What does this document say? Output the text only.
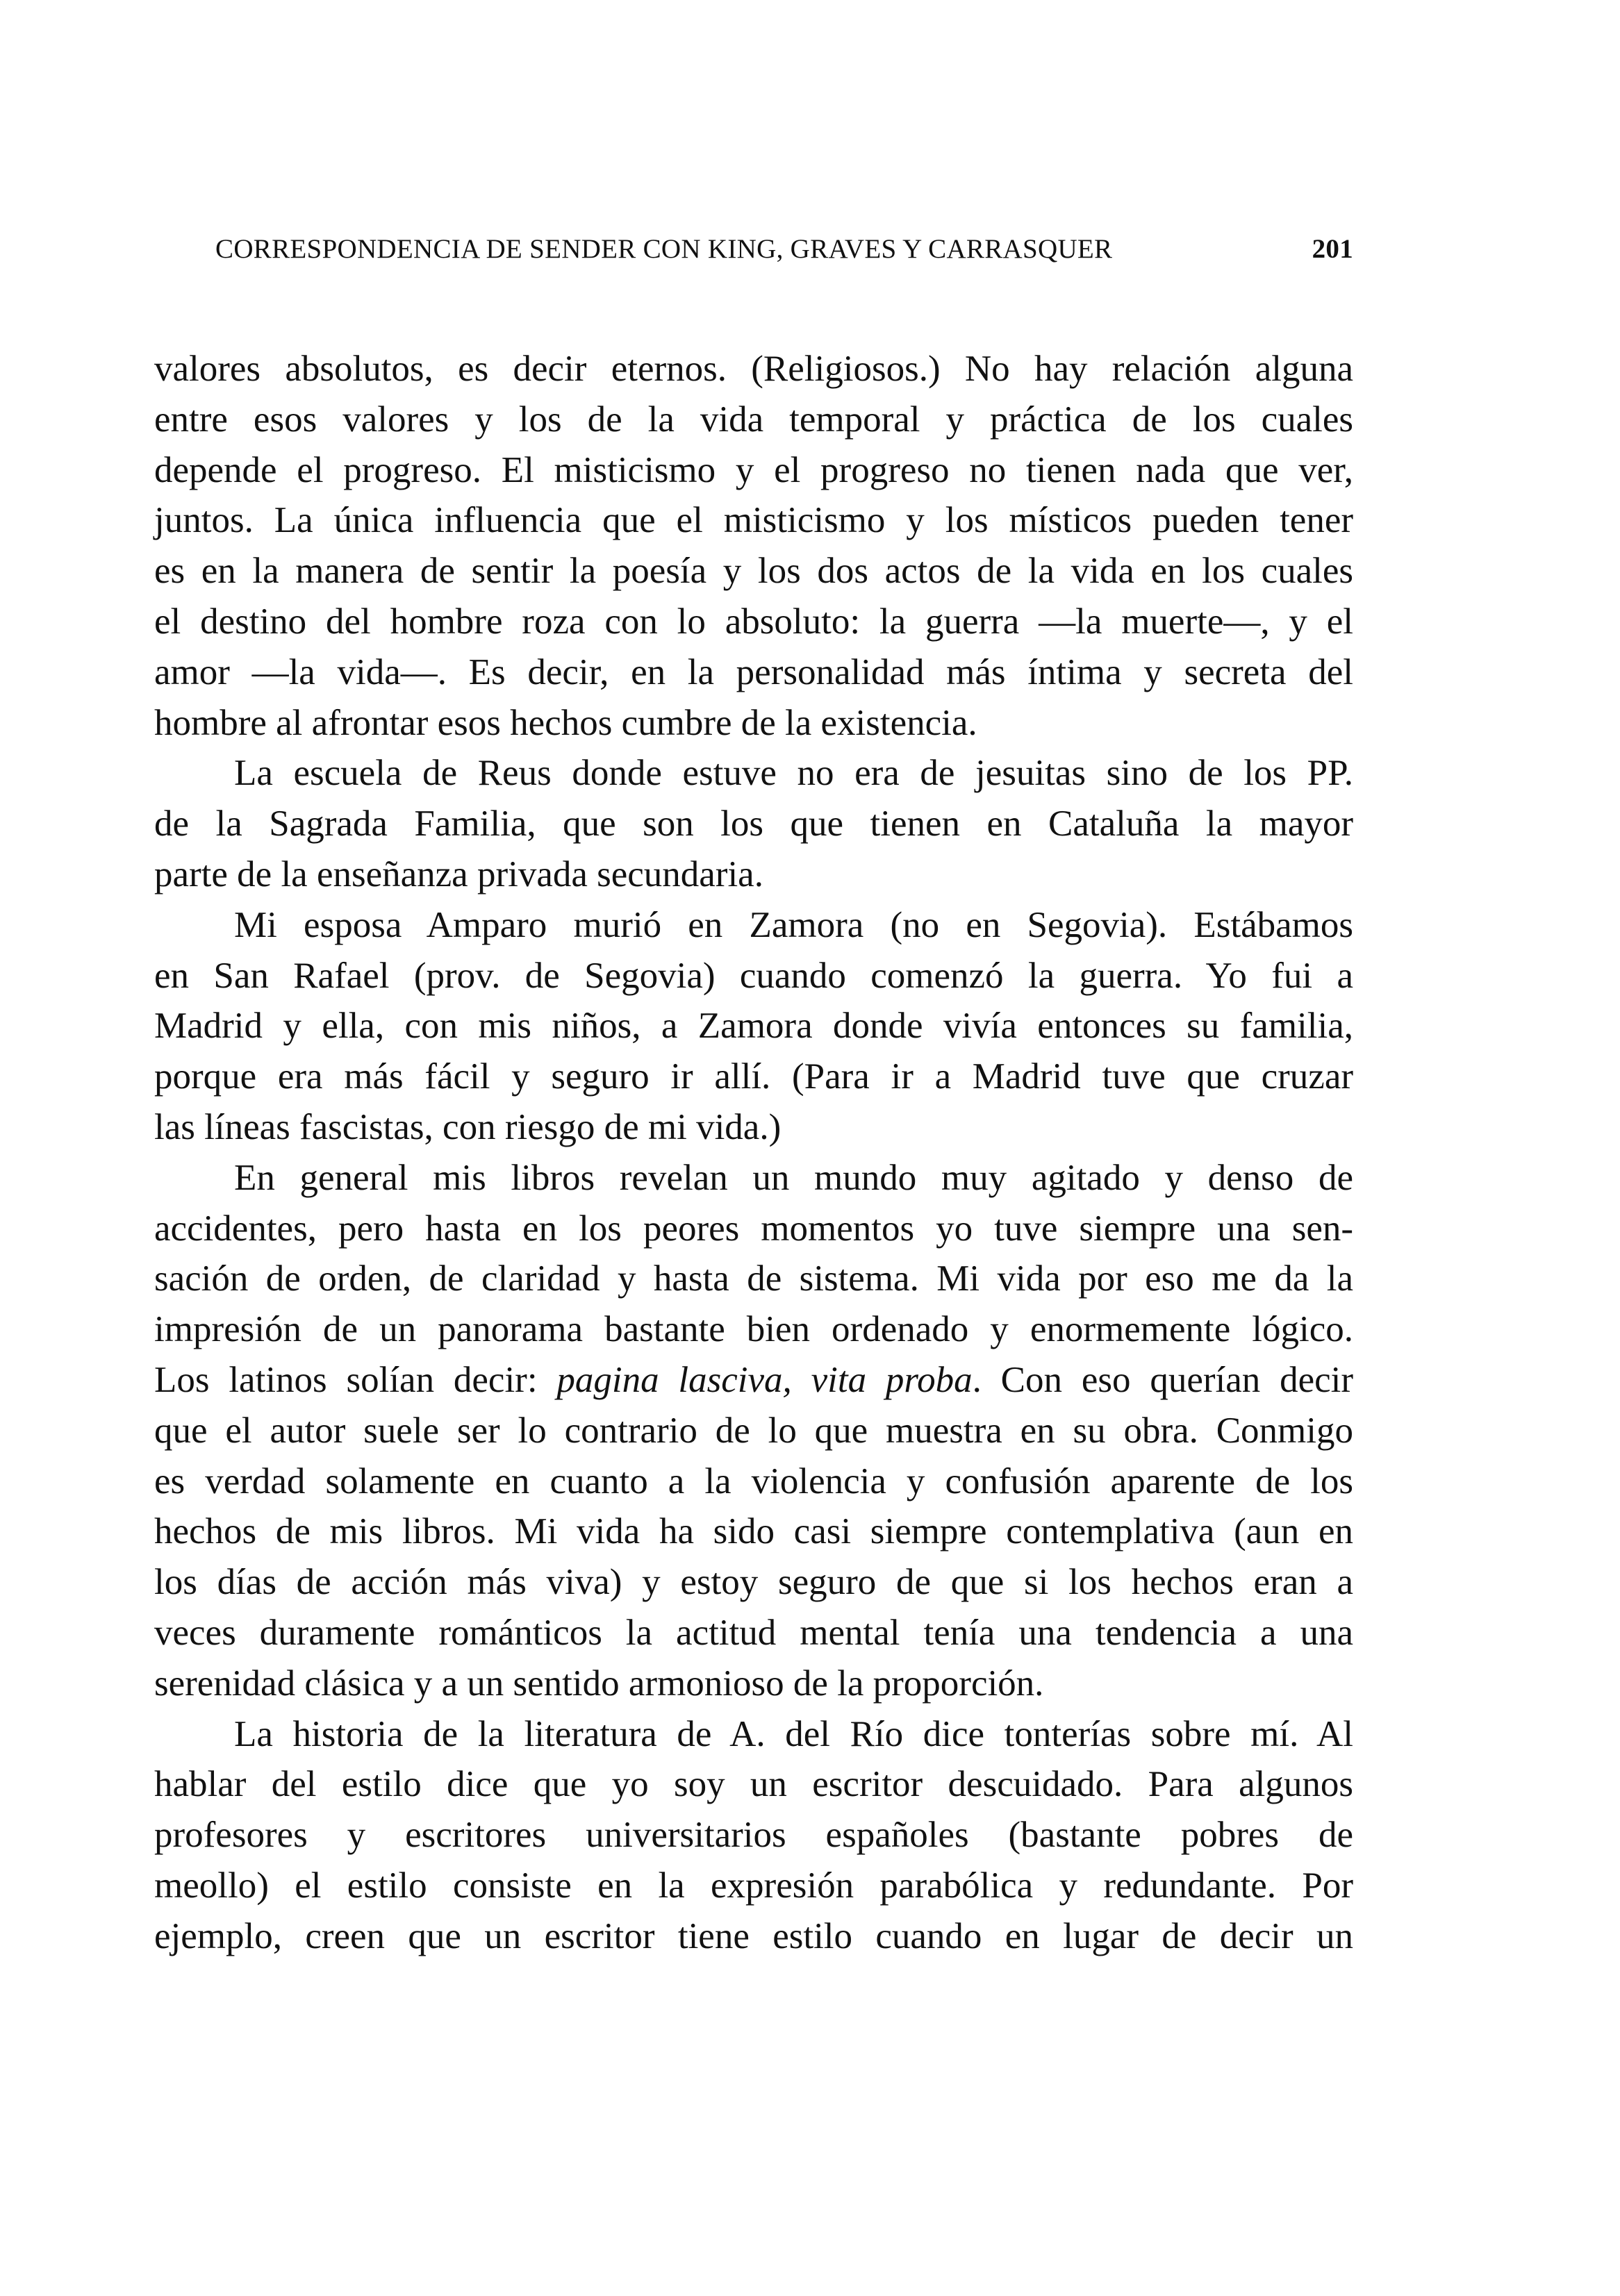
CORRESPONDENCIA DE SENDER CON KING, GRAVES Y CARRASQUER	201
valores absolutos, es decir eternos. (Religiosos.) No hay relación alguna
entre esos valores y los de la vida temporal y práctica de los cuales
depende el progreso. El misticismo y el progreso no tienen nada que ver,
juntos. La única influencia que el misticismo y los místicos pueden tener
es en la manera de sentir la poesía y los dos actos de la vida en los cuales
el destino del hombre roza con lo absoluto: la guerra —la muerte—, y el
amor —la vida—. Es decir, en la personalidad más íntima y secreta del
hombre al afrontar esos hechos cumbre de la existencia.
La escuela de Reus donde estuve no era de jesuitas sino de los PP.
de la Sagrada Familia, que son los que tienen en Cataluña la mayor
parte de la enseñanza privada secundaria.
Mi esposa Amparo murió en Zamora (no en Segovia). Estábamos
en San Rafael (prov. de Segovia) cuando comenzó la guerra. Yo fui a
Madrid y ella, con mis niños, a Zamora donde vivía entonces su familia,
porque era más fácil y seguro ir allí. (Para ir a Madrid tuve que cruzar
las líneas fascistas, con riesgo de mi vida.)
En general mis libros revelan un mundo muy agitado y denso de
accidentes, pero hasta en los peores momentos yo tuve siempre una sen-
sación de orden, de claridad y hasta de sistema. Mi vida por eso me da la
impresión de un panorama bastante bien ordenado y enormemente lógico.
Los latinos solían decir: pagina lasciva, vita proba. Con eso querían decir
que el autor suele ser lo contrario de lo que muestra en su obra. Conmigo
es verdad solamente en cuanto a la violencia y confusión aparente de los
hechos de mis libros. Mi vida ha sido casi siempre contemplativa (aun en
los días de acción más viva) y estoy seguro de que si los hechos eran a
veces duramente románticos la actitud mental tenía una tendencia a una
serenidad clásica y a un sentido armonioso de la proporción.
La historia de la literatura de A. del Río dice tonterías sobre mí. Al
hablar del estilo dice que yo soy un escritor descuidado. Para algunos
profesores y escritores universitarios españoles (bastante pobres de
meollo) el estilo consiste en la expresión parabólica y redundante. Por
ejemplo, creen que un escritor tiene estilo cuando en lugar de decir un
